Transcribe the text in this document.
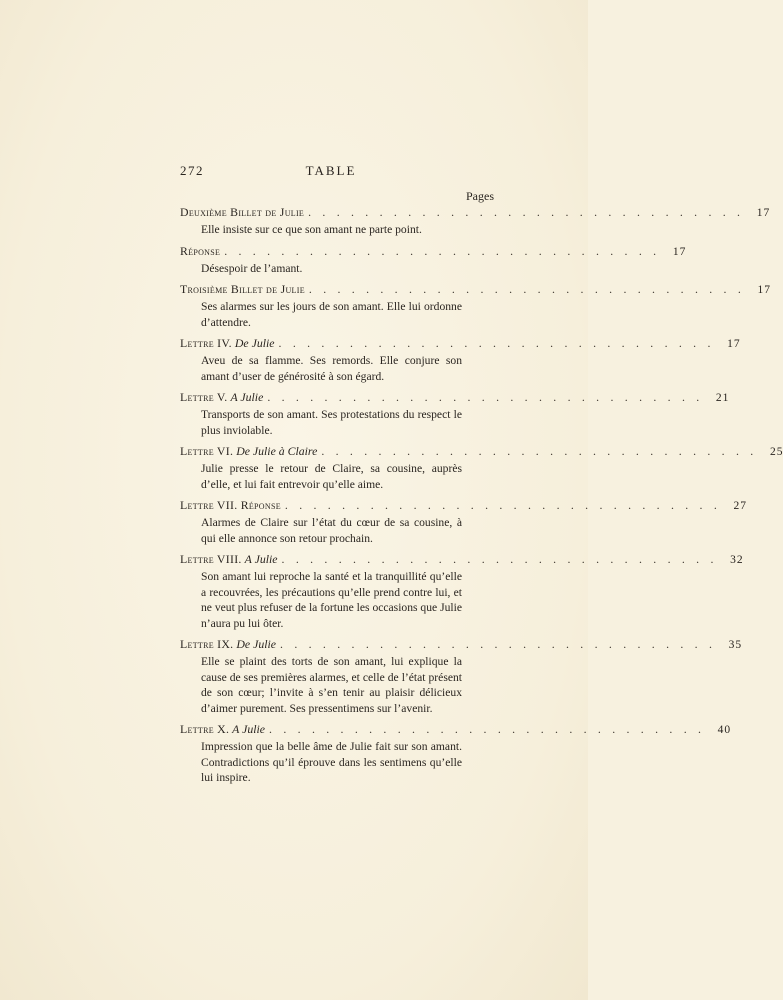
272	TABLE
Pages
Deuxième Billet de Julie . . . . . . . . . . . . . . . . . . . . . . . . . . . . . . .	17

Elle insiste sur ce que son amant ne parte point.

Réponse . . . . . . . . . . . . . . . . . . . . . . . . . . . . . . .	17

Désespoir de l’amant.

Troisième Billet de Julie . . . . . . . . . . . . . . . . . . . . . . . . . . . . . . .	17

Ses alarmes sur les jours de son amant. Elle lui ordonne d’attendre.

Lettre IV. De Julie . . . . . . . . . . . . . . . . . . . . . . . . . . . . . . .	17

Aveu de sa flamme. Ses remords. Elle conjure son amant d’user de générosité à son égard.

Lettre V. A Julie . . . . . . . . . . . . . . . . . . . . . . . . . . . . . . .	21

Transports de son amant. Ses protestations du respect le plus inviolable.

Lettre VI. De Julie à Claire . . . . . . . . . . . . . . . . . . . . . . . . . . . . . . .	25

Julie presse le retour de Claire, sa cousine, auprès d’elle, et lui fait entrevoir qu’elle aime.

Lettre VII. Réponse . . . . . . . . . . . . . . . . . . . . . . . . . . . . . . .	27

Alarmes de Claire sur l’état du cœur de sa cousine, à qui elle annonce son retour prochain.

Lettre VIII. A Julie . . . . . . . . . . . . . . . . . . . . . . . . . . . . . . .	32

Son amant lui reproche la santé et la tranquillité qu’elle a recouvrées, les précautions qu’elle prend contre lui, et ne veut plus refuser de la fortune les occasions que Julie n’aura pu lui ôter.

Lettre IX. De Julie . . . . . . . . . . . . . . . . . . . . . . . . . . . . . . .	35

Elle se plaint des torts de son amant, lui explique la cause de ses premières alarmes, et celle de l’état présent de son cœur; l’invite à s’en tenir au plaisir délicieux d’aimer purement. Ses pressentimens sur l’avenir.

Lettre X. A Julie . . . . . . . . . . . . . . . . . . . . . . . . . . . . . . .	40

Impression que la belle âme de Julie fait sur son amant. Contradictions qu’il éprouve dans les sentimens qu’elle lui inspire.
